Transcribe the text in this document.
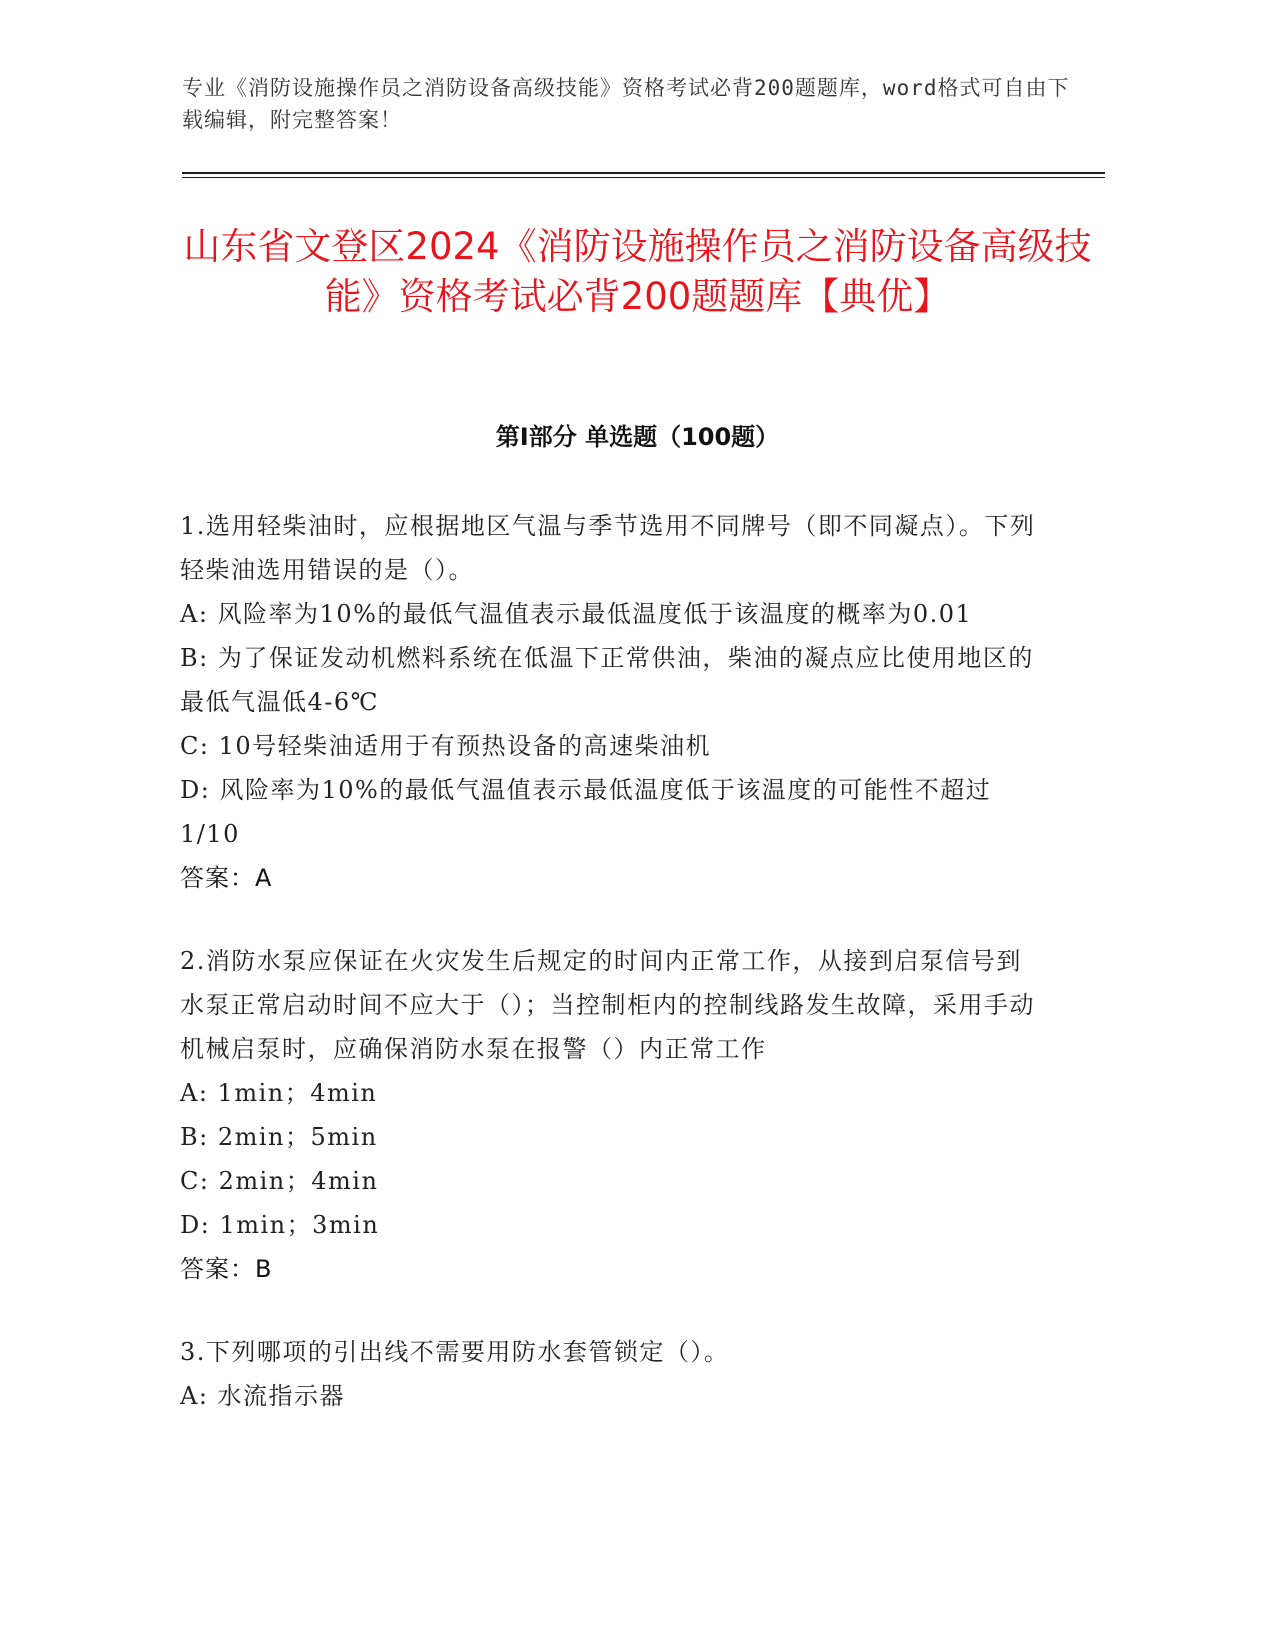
专业《消防设施操作员之消防设备高级技能》资格考试必背200题题库，word格式可自由下载编辑，附完整答案！
山东省文登区2024《消防设施操作员之消防设备高级技能》资格考试必背200题题库【典优】
第I部分 单选题（100题）

1.选用轻柴油时，应根据地区气温与季节选用不同牌号（即不同凝点）。下列轻柴油选用错误的是（）。

A: 风险率为10%的最低气温值表示最低温度低于该温度的概率为0.01

B: 为了保证发动机燃料系统在低温下正常供油，柴油的凝点应比使用地区的最低气温低4-6℃

C: 10号轻柴油适用于有预热设备的高速柴油机

D: 风险率为10%的最低气温值表示最低温度低于该温度的可能性不超过1/10

答案：A

2.消防水泵应保证在火灾发生后规定的时间内正常工作，从接到启泵信号到水泵正常启动时间不应大于（）；当控制柜内的控制线路发生故障，采用手动机械启泵时，应确保消防水泵在报警（）内正常工作

A: 1min；4min

B: 2min；5min

C: 2min；4min

D: 1min；3min

答案：B

3.下列哪项的引出线不需要用防水套管锁定（）。

A: 水流指示器
